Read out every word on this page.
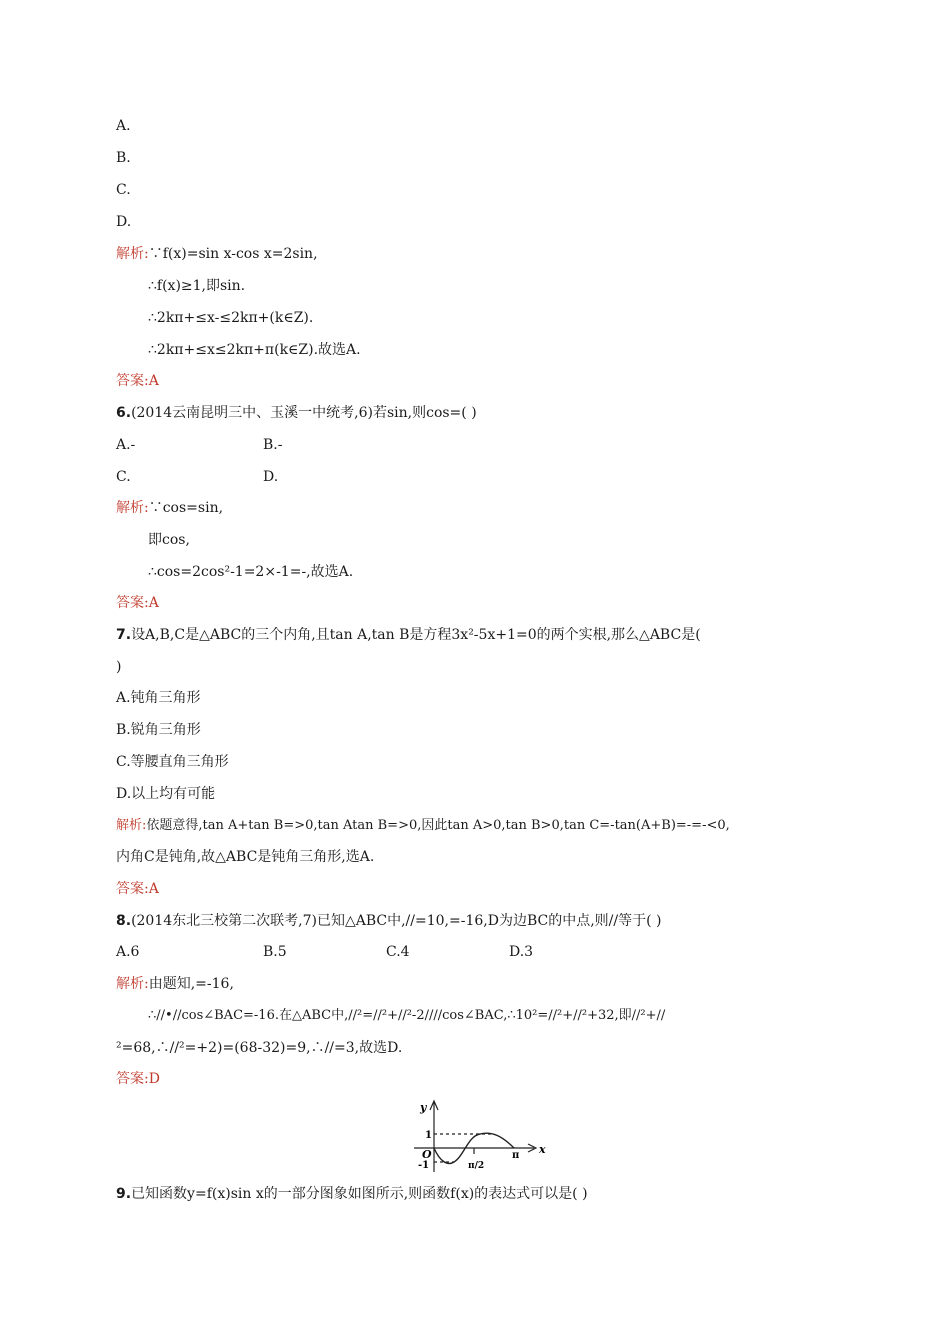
A.
B.
C.
D.
解析:∵f(x)=sin x-cos x=2sin,
∴f(x)≥1,即sin.
∴2kπ+≤x-≤2kπ+(k∈Z).
∴2kπ+≤x≤2kπ+π(k∈Z).故选A.
答案:A
6.(2014云南昆明三中、玉溪一中统考,6)若sin,则cos=( )
A.-	B.-
C.	D.
解析:∵cos=sin,
即cos,
∴cos=2cos²-1=2×-1=-,故选A.
答案:A
7.设A,B,C是△ABC的三个内角,且tan A,tan B是方程3x²-5x+1=0的两个实根,那么△ABC是(
)
A.钝角三角形
B.锐角三角形
C.等腰直角三角形
D.以上均有可能
解析:依题意得,tan A+tan B=>0,tan Atan B=>0,因此tan A>0,tan B>0,tan C=-tan(A+B)=-=-<0,
内角C是钝角,故△ABC是钝角三角形,选A.
答案:A
8.(2014东北三校第二次联考,7)已知△ABC中,//=10,=-16,D为边BC的中点,则//等于( )
A.6	B.5	C.4	D.3
解析:由题知,=-16,
∴//•//cos∠BAC=-16.在△ABC中,//²=//²+//²-2////cos∠BAC,∴10²=//²+//²+32,即//²+//
²=68,∴//²=+2)=(68-32)=9,∴//=3,故选D.
答案:D
y
x
O
1
-1	π/2
π
9.已知函数y=f(x)sin x的一部分图象如图所示,则函数f(x)的表达式可以是( )
